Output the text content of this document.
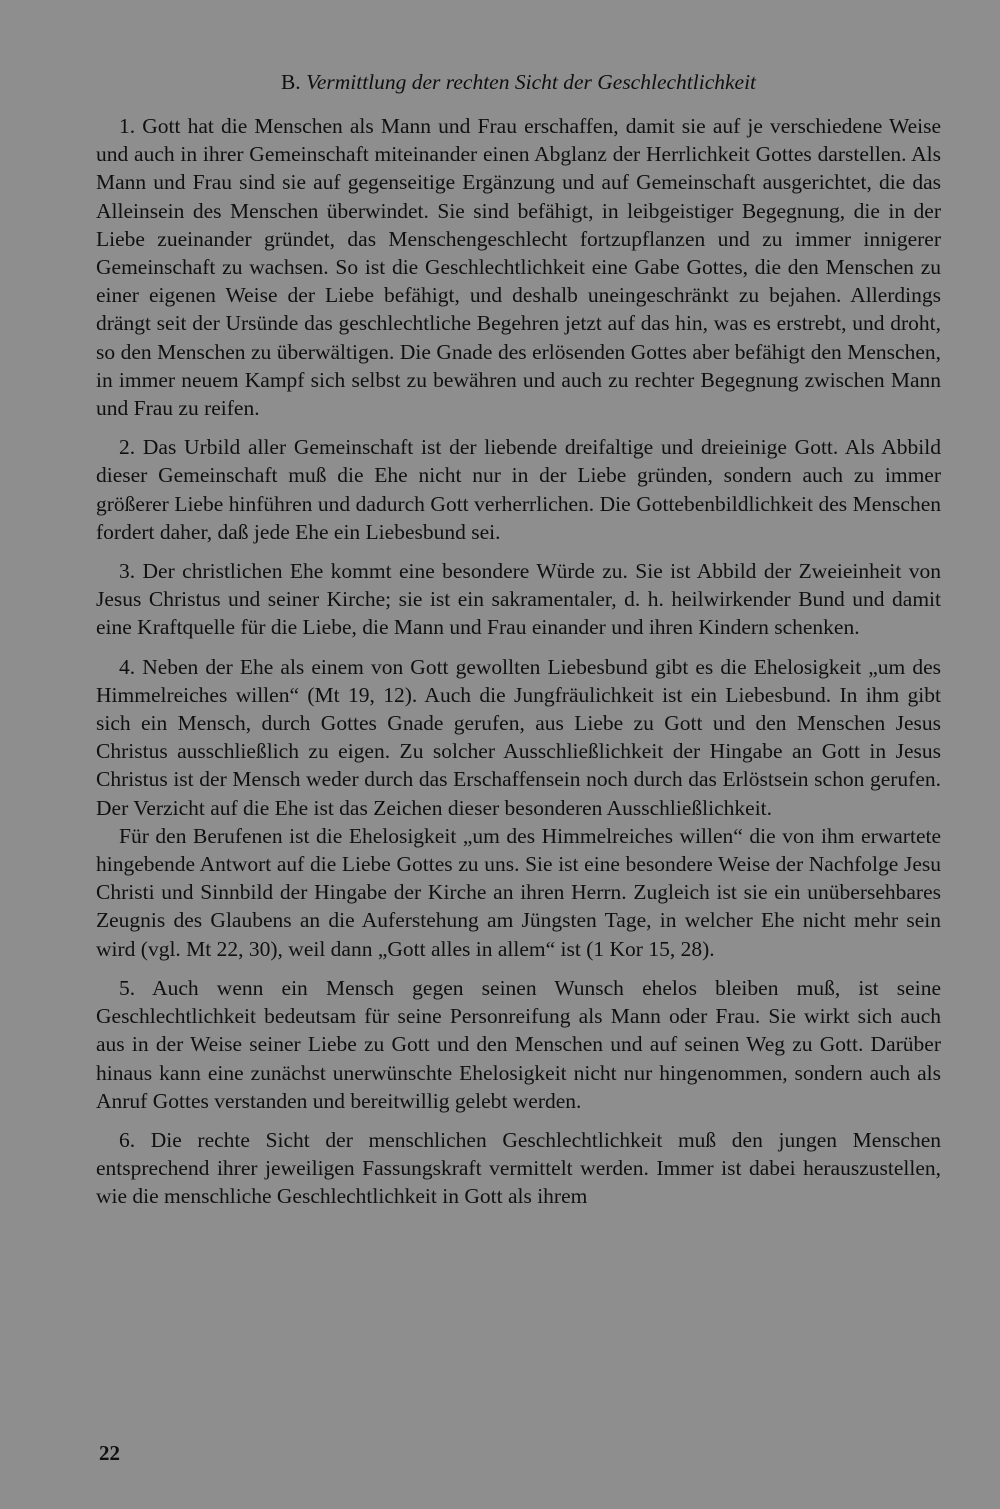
B. Vermittlung der rechten Sicht der Geschlechtlichkeit

1. Gott hat die Menschen als Mann und Frau erschaffen, damit sie auf je verschiedene Weise und auch in ihrer Gemeinschaft miteinander einen Abglanz der Herrlichkeit Gottes darstellen. Als Mann und Frau sind sie auf gegenseitige Ergänzung und auf Gemeinschaft ausgerichtet, die das Alleinsein des Menschen überwindet. Sie sind befähigt, in leibgeistiger Begegnung, die in der Liebe zueinander gründet, das Menschengeschlecht fortzupflanzen und zu immer innigerer Gemeinschaft zu wachsen. So ist die Geschlechtlichkeit eine Gabe Gottes, die den Menschen zu einer eigenen Weise der Liebe befähigt, und deshalb uneingeschränkt zu bejahen. Allerdings drängt seit der Ursünde das geschlechtliche Begehren jetzt auf das hin, was es erstrebt, und droht, so den Menschen zu überwältigen. Die Gnade des erlösenden Gottes aber befähigt den Menschen, in immer neuem Kampf sich selbst zu bewähren und auch zu rechter Begegnung zwischen Mann und Frau zu reifen.

2. Das Urbild aller Gemeinschaft ist der liebende dreifaltige und dreieinige Gott. Als Abbild dieser Gemeinschaft muß die Ehe nicht nur in der Liebe gründen, sondern auch zu immer größerer Liebe hinführen und dadurch Gott verherrlichen. Die Gottebenbildlichkeit des Menschen fordert daher, daß jede Ehe ein Liebesbund sei.

3. Der christlichen Ehe kommt eine besondere Würde zu. Sie ist Abbild der Zweieinheit von Jesus Christus und seiner Kirche; sie ist ein sakramentaler, d. h. heilwirkender Bund und damit eine Kraftquelle für die Liebe, die Mann und Frau einander und ihren Kindern schenken.

4. Neben der Ehe als einem von Gott gewollten Liebesbund gibt es die Ehelosigkeit „um des Himmelreiches willen“ (Mt 19, 12). Auch die Jungfräulichkeit ist ein Liebesbund. In ihm gibt sich ein Mensch, durch Gottes Gnade gerufen, aus Liebe zu Gott und den Menschen Jesus Christus ausschließlich zu eigen. Zu solcher Ausschließlichkeit der Hingabe an Gott in Jesus Christus ist der Mensch weder durch das Erschaffensein noch durch das Erlöstsein schon gerufen. Der Verzicht auf die Ehe ist das Zeichen dieser besonderen Ausschließlichkeit.

Für den Berufenen ist die Ehelosigkeit „um des Himmelreiches willen“ die von ihm erwartete hingebende Antwort auf die Liebe Gottes zu uns. Sie ist eine besondere Weise der Nachfolge Jesu Christi und Sinnbild der Hingabe der Kirche an ihren Herrn. Zugleich ist sie ein unübersehbares Zeugnis des Glaubens an die Auferstehung am Jüngsten Tage, in welcher Ehe nicht mehr sein wird (vgl. Mt 22, 30), weil dann „Gott alles in allem“ ist (1 Kor 15, 28).

5. Auch wenn ein Mensch gegen seinen Wunsch ehelos bleiben muß, ist seine Geschlechtlichkeit bedeutsam für seine Personreifung als Mann oder Frau. Sie wirkt sich auch aus in der Weise seiner Liebe zu Gott und den Menschen und auf seinen Weg zu Gott. Darüber hinaus kann eine zunächst unerwünschte Ehelosigkeit nicht nur hingenommen, sondern auch als Anruf Gottes verstanden und bereitwillig gelebt werden.

6. Die rechte Sicht der menschlichen Geschlechtlichkeit muß den jungen Menschen entsprechend ihrer jeweiligen Fassungskraft vermittelt werden. Immer ist dabei herauszustellen, wie die menschliche Geschlechtlichkeit in Gott als ihrem

22
